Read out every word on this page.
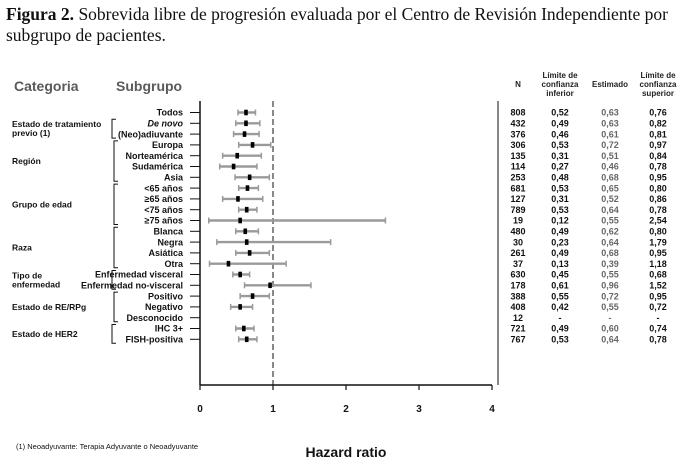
Figura 2. Sobrevida libre de progresión evaluada por el Centro de Revisión Independiente por subgrupo de pacientes.
Categoria	Subgrupo	N
Límite de
confianza
inferior
Estimado
Límite de
confianza
superior
0	1	2	3	4
Estado de tratamiento
previo (1)
Región
Grupo de edad
Raza
Tipo de
enfermedad
Estado de RE/RPg
Estado de HER2
Todos	808	0,52	0,63	0,76
De novo	432	0,49	0,63	0,82
(Neo)adiuvante	376	0,46	0,61	0,81
Europa	306	0,53	0,72	0,97
Norteamérica	135	0,31	0,51	0,84
Sudamérica	114	0,27	0,46	0,78
Asia	253	0,48	0,68	0,95
<65 años	681	0,53	0,65	0,80
≥65 años	127	0,31	0,52	0,86
<75 años	789	0,53	0,64	0,78
≥75 años	19	0,12	0,55	2,54
Blanca	480	0,49	0,62	0,80
Negra	30	0,23	0,64	1,79
Asiática	261	0,49	0,68	0,95
Otra	37	0,13	0,39	1,18
Enfermedad visceral	630	0,45	0,55	0,68
Enfermedad no-visceral	178	0,61	0,96	1,52
Positivo	388	0,55	0,72	0,95
Negativo	408	0,42	0,55	0,72
Desconocido	12	-	-	-
IHC 3+	721	0,49	0,60	0,74
FISH-positiva	767	0,53	0,64	0,78
Hazard ratio
(1) Neoadyuvante: Terapia Adyuvante o Neoadyuvante
